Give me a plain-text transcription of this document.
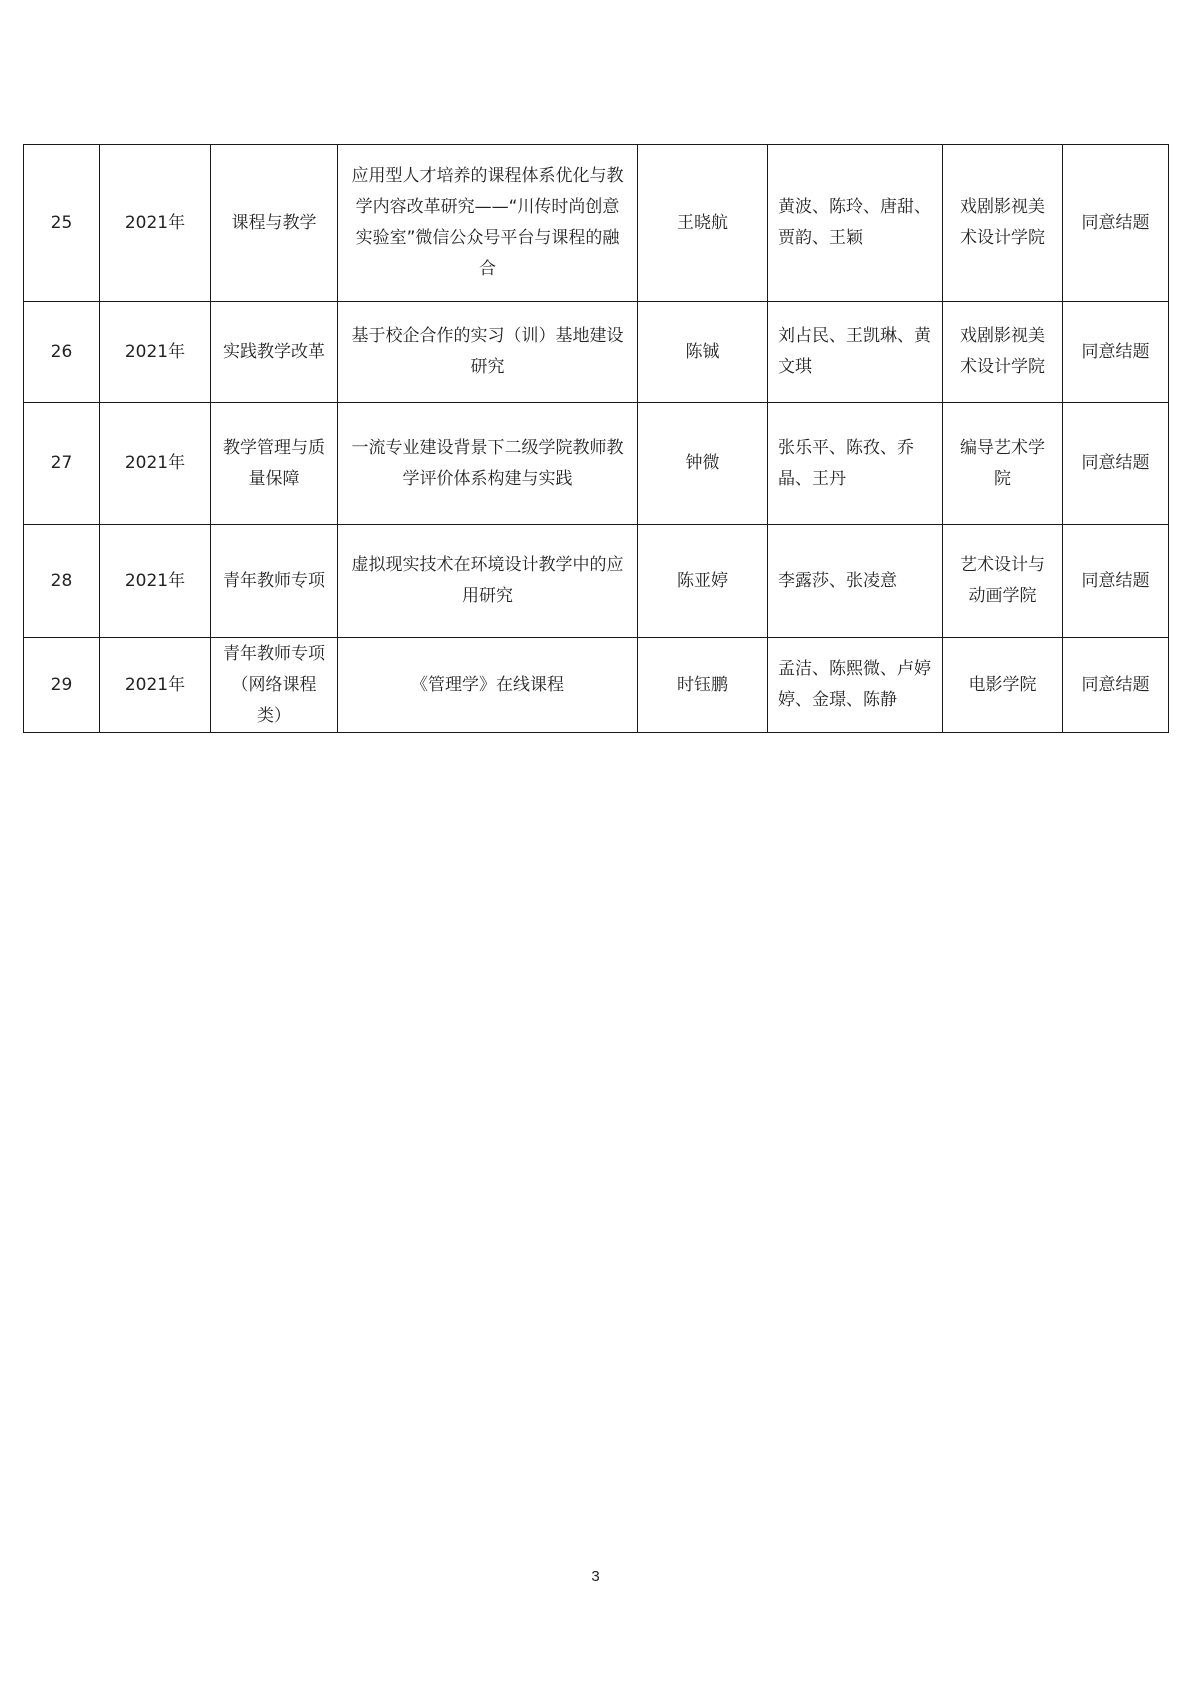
25	2021年	课程与教学	应用型人才培养的课程体系优化与教学内容改革研究——“川传时尚创意实验室”微信公众号平台与课程的融合	王晓航	黄波、陈玲、唐甜、贾韵、王颖	戏剧影视美术设计学院	同意结题
26	2021年	实践教学改革	基于校企合作的实习（训）基地建设研究	陈铖	刘占民、王凯琳、黄文琪	戏剧影视美术设计学院	同意结题
27	2021年	教学管理与质量保障	一流专业建设背景下二级学院教师教学评价体系构建与实践	钟微	张乐平、陈孜、乔晶、王丹	编导艺术学院	同意结题
28	2021年	青年教师专项	虚拟现实技术在环境设计教学中的应用研究	陈亚婷	李露莎、张凌意	艺术设计与动画学院	同意结题
29	2021年	青年教师专项（网络课程类）	《管理学》在线课程	时钰鹏	孟洁、陈熙微、卢婷婷、金璟、陈静	电影学院	同意结题
3
